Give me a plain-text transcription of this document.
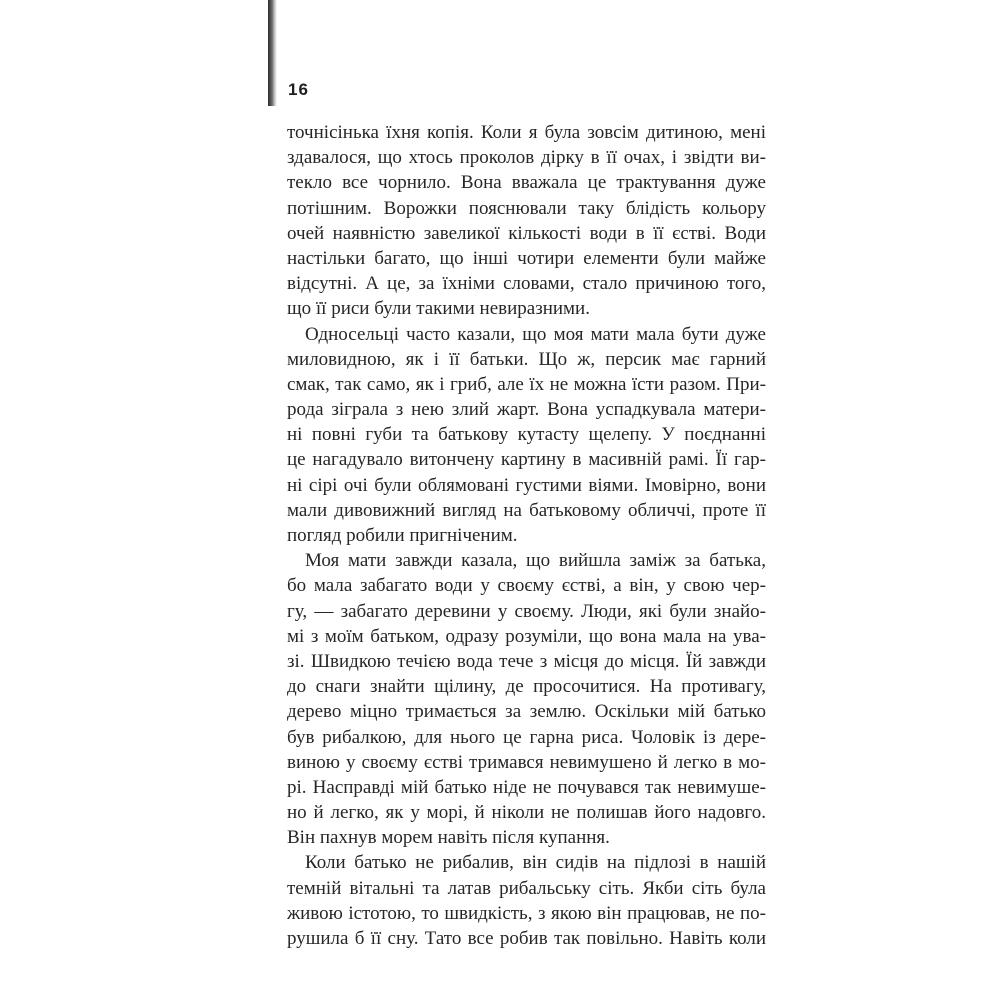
16
точнісінька їхня копія. Коли я була зовсім дитиною, мені
здавалося, що хтось проколов дірку в її очах, і звідти ви-
текло все чорнило. Вона вважала це трактування дуже
потішним. Ворожки пояснювали таку блідість кольору
очей наявністю завеликої кількості води в її єстві. Води
настільки багато, що інші чотири елементи були майже
відсутні. А це, за їхніми словами, стало причиною того,
що її риси були такими невиразними.
Односельці часто казали, що моя мати мала бути дуже
миловидною, як і її батьки. Що ж, персик має гарний
смак, так само, як і гриб, але їх не можна їсти разом. При-
рода зіграла з нею злий жарт. Вона успадкувала матери-
ні повні губи та батькову кутасту щелепу. У поєднанні
це нагадувало витончену картину в масивній рамі. Її гар-
ні сірі очі були облямовані густими віями. Імовірно, вони
мали дивовижний вигляд на батьковому обличчі, проте її
погляд робили пригніченим.
Моя мати завжди казала, що вийшла заміж за батька,
бо мала забагато води у своєму єстві, а він, у свою чер-
гу, — забагато деревини у своєму. Люди, які були знайо-
мі з моїм батьком, одразу розуміли, що вона мала на ува-
зі. Швидкою течією вода тече з місця до місця. Їй завжди
до снаги знайти щілину, де просочитися. На противагу,
дерево міцно тримається за землю. Оскільки мій батько
був рибалкою, для нього це гарна риса. Чоловік із дере-
виною у своєму єстві тримався невимушено й легко в мо-
рі. Насправді мій батько ніде не почувався так невимуше-
но й легко, як у морі, й ніколи не полишав його надовго.
Він пахнув морем навіть після купання.
Коли батько не рибалив, він сидів на підлозі в нашій
темній вітальні та латав рибальську сіть. Якби сіть була
живою істотою, то швидкість, з якою він працював, не по-
рушила б її сну. Тато все робив так повільно. Навіть коли
